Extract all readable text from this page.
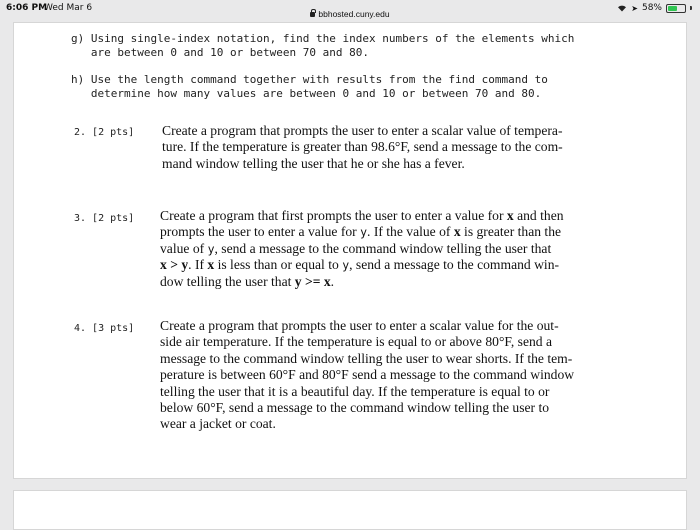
6:06 PM
Wed Mar 6	➤ 58%
bbhosted.cuny.edu
g) Using single-index notation, find the index numbers of the elements which
are between 0 and 10 or between 70 and 80.
h) Use the length command together with results from the find command to
determine how many values are between 0 and 10 or between 70 and 80.
2. [2 pts] Create a program that prompts the user to enter a scalar value of tempera-
ture. If the temperature is greater than 98.6°F, send a message to the com-
mand window telling the user that he or she has a fever.
3. [2 pts] Create a program that first prompts the user to enter a value for x and then
prompts the user to enter a value for y. If the value of x is greater than the
value of y, send a message to the command window telling the user that
x > y. If x is less than or equal to y, send a message to the command win-
dow telling the user that y >= x.
4. [3 pts] Create a program that prompts the user to enter a scalar value for the out-
side air temperature. If the temperature is equal to or above 80°F, send a
message to the command window telling the user to wear shorts. If the tem-
perature is between 60°F and 80°F send a message to the command window
telling the user that it is a beautiful day. If the temperature is equal to or
below 60°F, send a message to the command window telling the user to
wear a jacket or coat.
